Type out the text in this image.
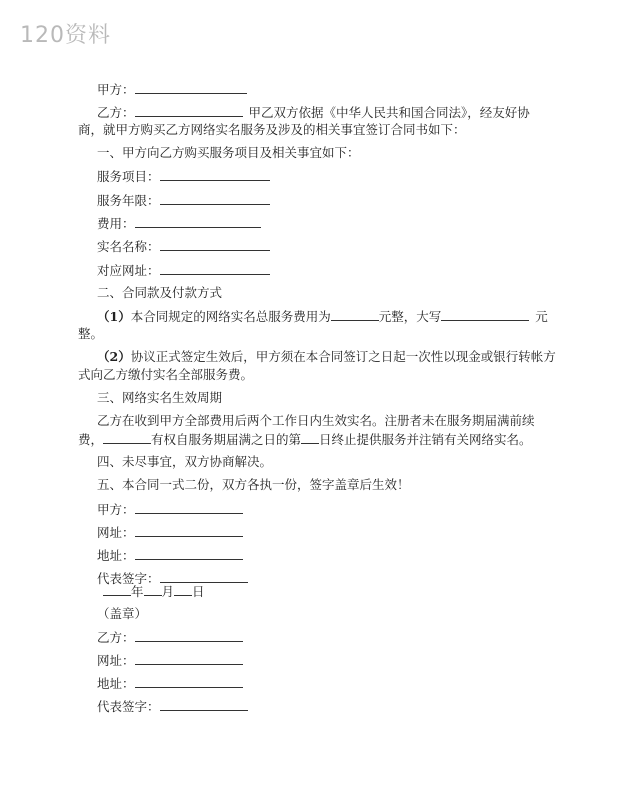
120资料
甲方：
乙方：	甲乙双方依据《中华人民共和国合同法》，经友好协
商，就甲方购买乙方网络实名服务及涉及的相关事宜签订合同书如下：
一、甲方向乙方购买服务项目及相关事宜如下：
服务项目：
服务年限：
费用：
实名名称：
对应网址：
二、合同款及付款方式
（1）本合同规定的网络实名总服务费用为	元整，大写	元
整。
（2）协议正式签定生效后，甲方须在本合同签订之日起一次性以现金或银行转帐方
式向乙方缴付实名全部服务费。
三、网络实名生效周期
乙方在收到甲方全部费用后两个工作日内生效实名。注册者未在服务期届满前续
费，	有权自服务期届满之日的第 日终止提供服务并注销有关网络实名。
四、未尽事宜，双方协商解决。
五、本合同一式二份，双方各执一份，签字盖章后生效！
甲方：
网址：
地址：
代表签字：
年 月 日
（盖章）
乙方：
网址：
地址：
代表签字：
